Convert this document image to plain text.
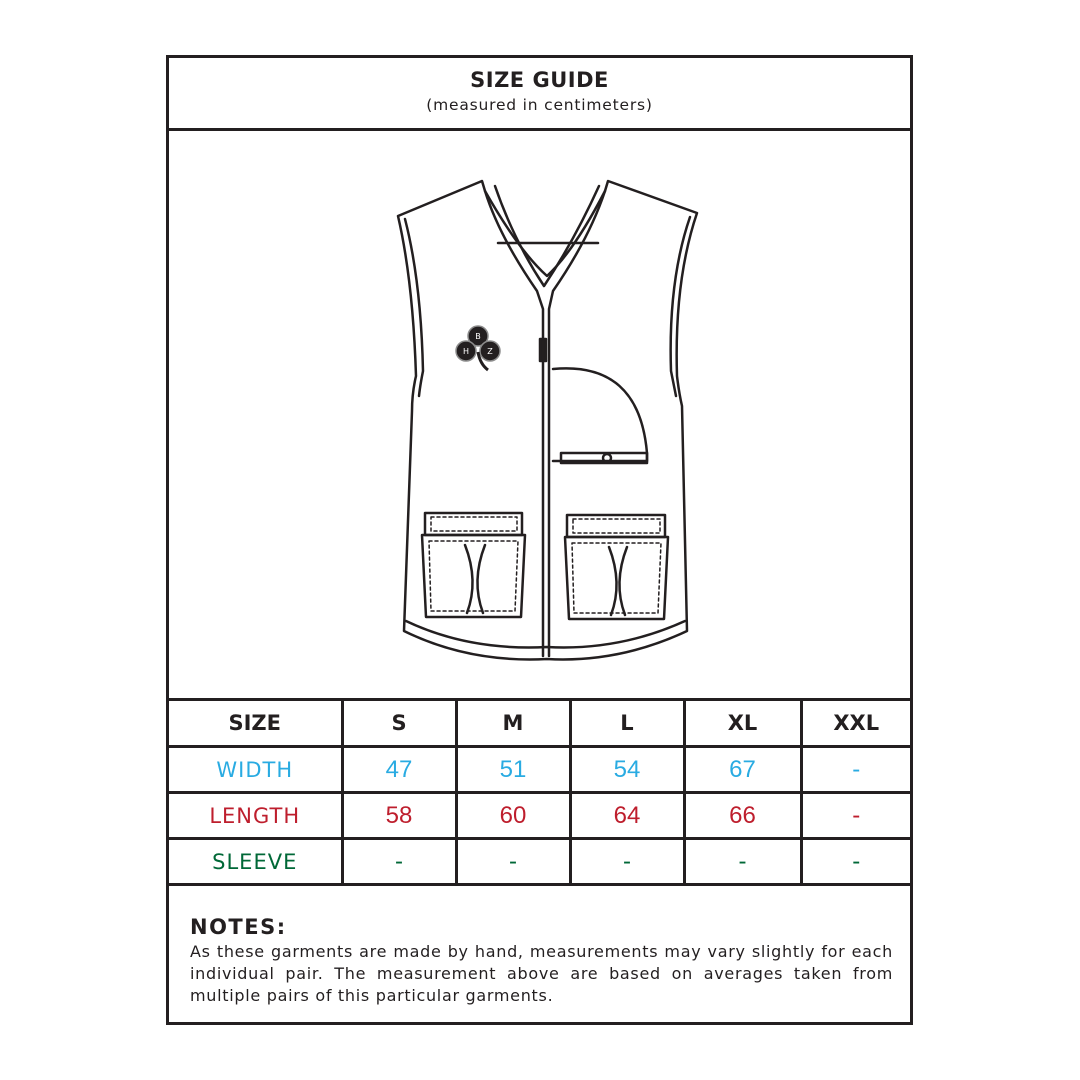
SIZE GUIDE
(measured in centimeters)
B
H Z
SIZE	S	M	L	XL	XXL
WIDTH	47	51	54	67	-
LENGTH	58	60	64	66	-
SLEEVE	-	-	-	-	-
NOTES:
As these garments are made by hand, measurements may vary slightly for each individual pair. The measurement above are based on averages taken from multiple pairs of this particular garments.
